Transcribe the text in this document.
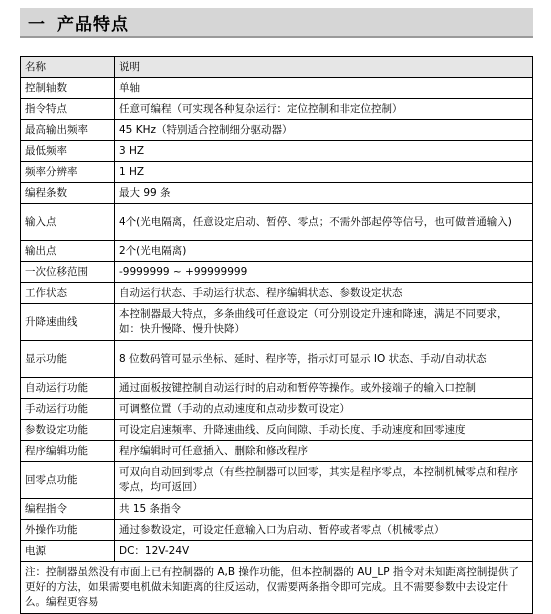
一 产品特点
名称	说明
控制轴数	单轴
指令特点	任意可编程（可实现各种复杂运行：定位控制和非定位控制）
最高输出频率	45 KHz（特别适合控制细分驱动器）
最低频率	3 HZ
频率分辨率	1 HZ
编程条数	最大 99 条
输入点	4个(光电隔离，任意设定启动、暂停、零点；不需外部起停等信号，也可做普通输入)
输出点	2个(光电隔离)
一次位移范围	-9999999 ~ +99999999
工作状态	自动运行状态、手动运行状态、程序编辑状态、参数设定状态
升降速曲线	本控制器最大特点，多条曲线可任意设定（可分别设定升速和降速，满足不同要求，如：快升慢降、慢升快降）
显示功能	8 位数码管可显示坐标、延时、程序等，指示灯可显示 IO 状态、手动/自动状态
自动运行功能	通过面板按键控制自动运行时的启动和暂停等操作。或外接端子的输入口控制
手动运行功能	可调整位置（手动的点动速度和点动步数可设定）
参数设定功能	可设定启速频率、升降速曲线、反向间隙、手动长度、手动速度和回零速度
程序编辑功能	程序编辑时可任意插入、删除和修改程序
回零点功能	可双向自动回到零点（有些控制器可以回零，其实是程序零点，本控制机械零点和程序零点，均可返回）
编程指令	共 15 条指令
外操作功能	通过参数设定，可设定任意输入口为启动、暂停或者零点（机械零点）
电源	DC：12V-24V
注：控制器虽然没有市面上已有控制器的 A,B 操作功能，但本控制器的 AU_LP 指令对未知距离控制提供了更好的方法，如果需要电机做未知距离的往反运动，仅需要两条指令即可完成。且不需要参数中去设定什么。编程更容易	
